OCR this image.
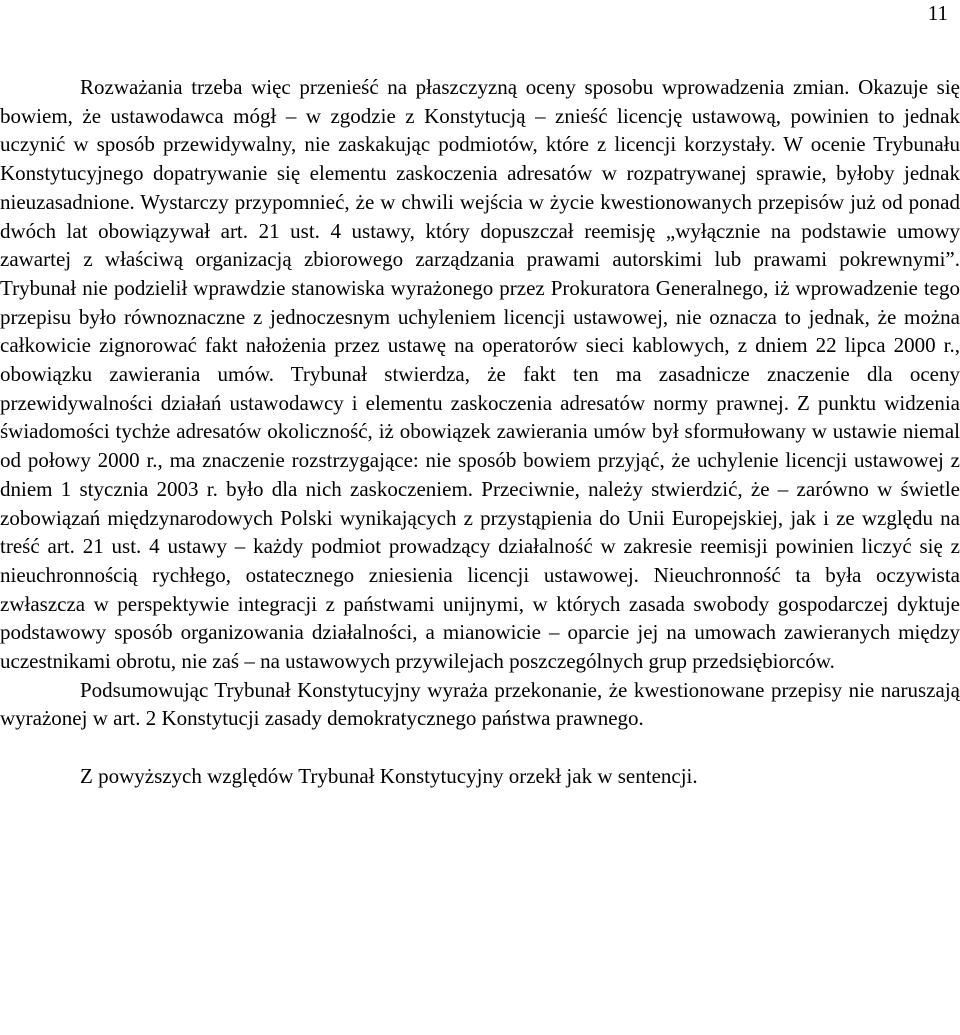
11

Rozważania trzeba więc przenieść na płaszczyzną oceny sposobu wprowadzenia zmian. Okazuje się bowiem, że ustawodawca mógł – w zgodzie z Konstytucją – znieść licencję ustawową, powinien to jednak uczynić w sposób przewidywalny, nie zaskakując podmiotów, które z licencji korzystały. W ocenie Trybunału Konstytucyjnego dopatrywanie się elementu zaskoczenia adresatów w rozpatrywanej sprawie, byłoby jednak nieuzasadnione. Wystarczy przypomnieć, że w chwili wejścia w życie kwestionowanych przepisów już od ponad dwóch lat obowiązywał art. 21 ust. 4 ustawy, który dopuszczał reemisję „wyłącznie na podstawie umowy zawartej z właściwą organizacją zbiorowego zarządzania prawami autorskimi lub prawami pokrewnymi”. Trybunał nie podzielił wprawdzie stanowiska wyrażonego przez Prokuratora Generalnego, iż wprowadzenie tego przepisu było równoznaczne z jednoczesnym uchyleniem licencji ustawowej, nie oznacza to jednak, że można całkowicie zignorować fakt nałożenia przez ustawę na operatorów sieci kablowych, z dniem 22 lipca 2000 r., obowiązku zawierania umów. Trybunał stwierdza, że fakt ten ma zasadnicze znaczenie dla oceny przewidywalności działań ustawodawcy i elementu zaskoczenia adresatów normy prawnej. Z punktu widzenia świadomości tychże adresatów okoliczność, iż obowiązek zawierania umów był sformułowany w ustawie niemal od połowy 2000 r., ma znaczenie rozstrzygające: nie sposób bowiem przyjąć, że uchylenie licencji ustawowej z dniem 1 stycznia 2003 r. było dla nich zaskoczeniem. Przeciwnie, należy stwierdzić, że – zarówno w świetle zobowiązań międzynarodowych Polski wynikających z przystąpienia do Unii Europejskiej, jak i ze względu na treść art. 21 ust. 4 ustawy – każdy podmiot prowadzący działalność w zakresie reemisji powinien liczyć się z nieuchronnością rychłego, ostatecznego zniesienia licencji ustawowej. Nieuchronność ta była oczywista zwłaszcza w perspektywie integracji z państwami unijnymi, w których zasada swobody gospodarczej dyktuje podstawowy sposób organizowania działalności, a mianowicie – oparcie jej na umowach zawieranych między uczestnikami obrotu, nie zaś – na ustawowych przywilejach poszczególnych grup przedsiębiorców.

Podsumowując Trybunał Konstytucyjny wyraża przekonanie, że kwestionowane przepisy nie naruszają wyrażonej w art. 2 Konstytucji zasady demokratycznego państwa prawnego.

Z powyższych względów Trybunał Konstytucyjny orzekł jak w sentencji.
